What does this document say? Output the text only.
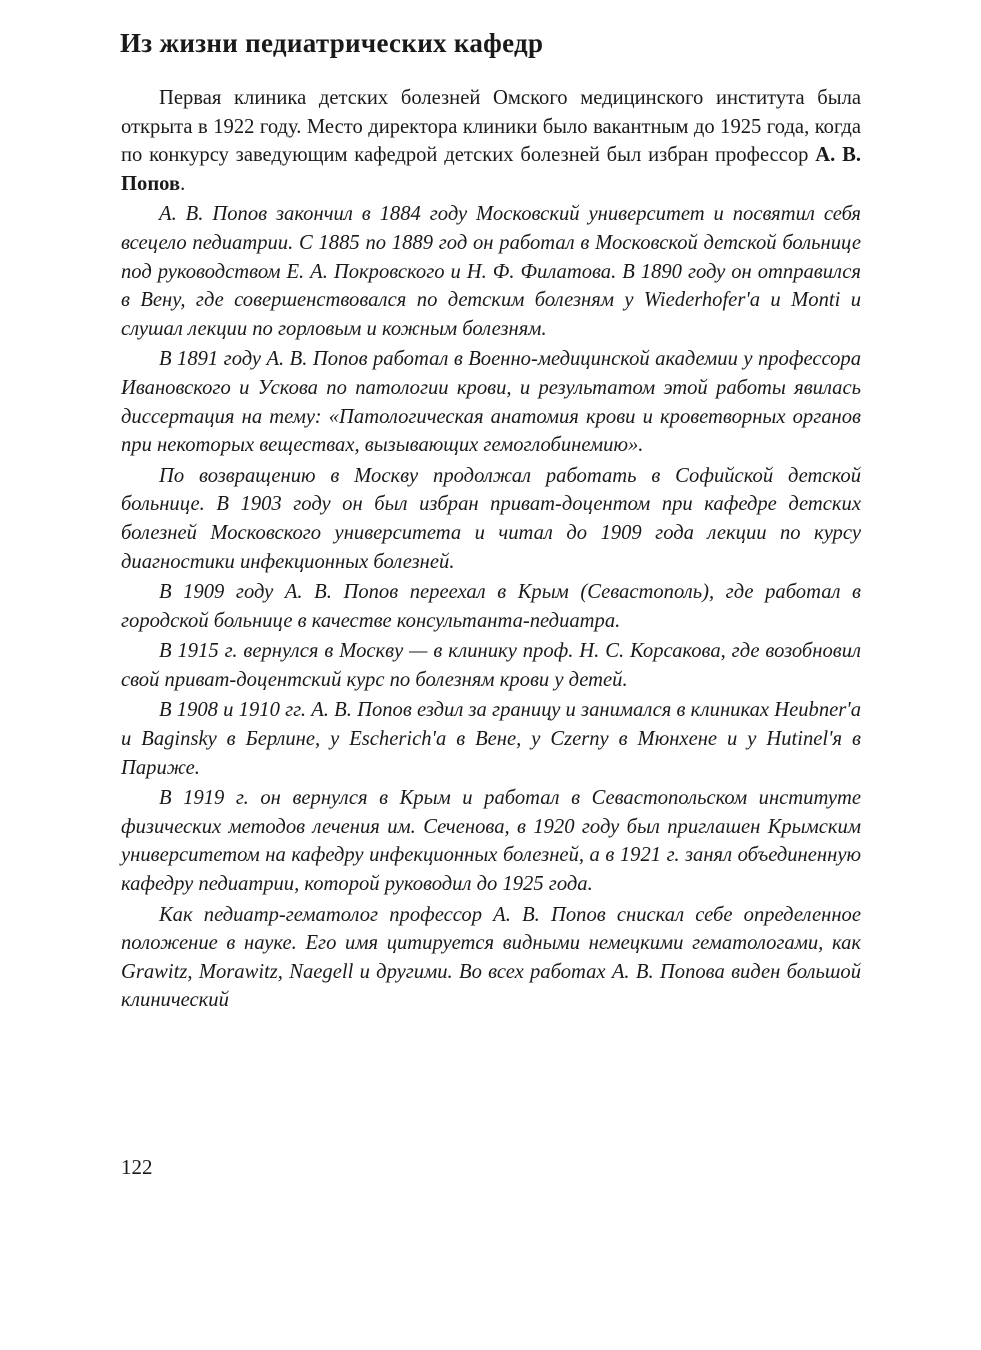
Из жизни педиатрических кафедр

Первая клиника детских болезней Омского медицинского института была открыта в 1922 году. Место директора клиники было вакантным до 1925 года, когда по конкурсу заведующим кафедрой детских болезней был избран профессор А. В. Попов.

А. В. Попов закончил в 1884 году Московский университет и посвятил себя всецело педиатрии. С 1885 по 1889 год он работал в Московской детской больнице под руководством Е. А. Покровского и Н. Ф. Филатова. В 1890 году он отправился в Вену, где совершенствовался по детским болезням у Wiederhofer'а и Monti и слушал лекции по горловым и кожным болезням.

В 1891 году А. В. Попов работал в Военно-медицинской академии у профессора Ивановского и Ускова по патологии крови, и результатом этой работы явилась диссертация на тему: «Патологическая анатомия крови и кроветворных органов при некоторых веществах, вызывающих гемоглобинемию».

По возвращению в Москву продолжал работать в Софийской детской больнице. В 1903 году он был избран приват-доцентом при кафедре детских болезней Московского университета и читал до 1909 года лекции по курсу диагностики инфекционных болезней.

В 1909 году А. В. Попов переехал в Крым (Севастополь), где работал в городской больнице в качестве консультанта-педиатра.

В 1915 г. вернулся в Москву — в клинику проф. Н. С. Корсакова, где возобновил свой приват-доцентский курс по болезням крови у детей.

В 1908 и 1910 гг. А. В. Попов ездил за границу и занимался в клиниках Heubner'а и Baginsky в Берлине, у Escherich'а в Вене, у Czerny в Мюнхене и у Hutinel'я в Париже.

В 1919 г. он вернулся в Крым и работал в Севастопольском институте физических методов лечения им. Сеченова, в 1920 году был приглашен Крымским университетом на кафедру инфекционных болезней, а в 1921 г. занял объединенную кафедру педиатрии, которой руководил до 1925 года.

Как педиатр-гематолог профессор А. В. Попов снискал себе определенное положение в науке. Его имя цитируется видными немецкими гематологами, как Grawitz, Morawitz, Naegell и другими. Во всех работах А. В. Попова виден большой клинический

122
